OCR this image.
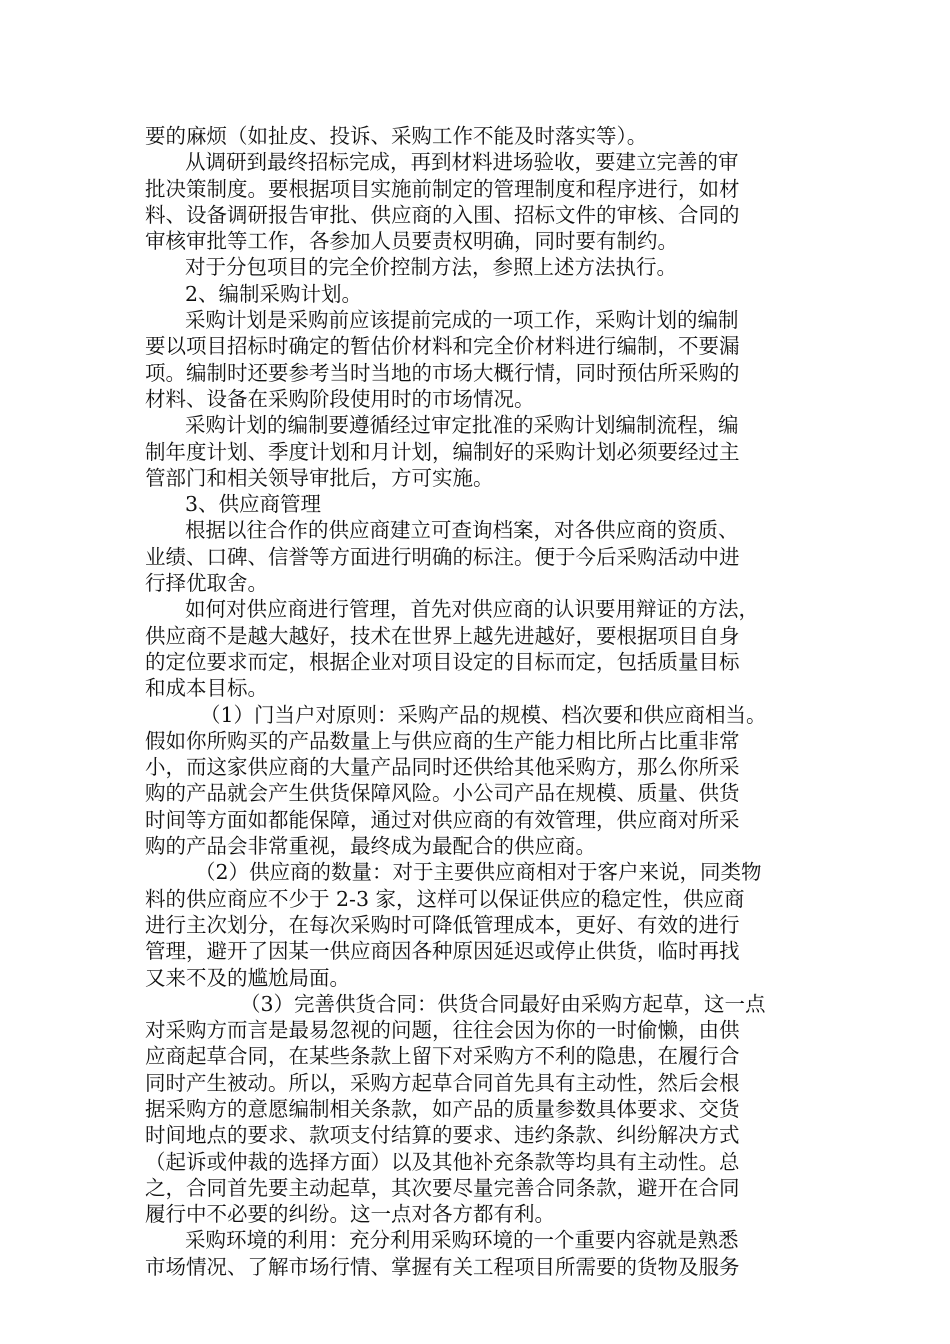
要的麻烦（如扯皮、投诉、采购工作不能及时落实等）。
从调研到最终招标完成，再到材料进场验收，要建立完善的审
批决策制度。要根据项目实施前制定的管理制度和程序进行，如材
料、设备调研报告审批、供应商的入围、招标文件的审核、合同的
审核审批等工作，各参加人员要责权明确，同时要有制约。
对于分包项目的完全价控制方法，参照上述方法执行。
2、编制采购计划。
采购计划是采购前应该提前完成的一项工作，采购计划的编制
要以项目招标时确定的暂估价材料和完全价材料进行编制，不要漏
项。编制时还要参考当时当地的市场大概行情，同时预估所采购的
材料、设备在采购阶段使用时的市场情况。
采购计划的编制要遵循经过审定批准的采购计划编制流程，编
制年度计划、季度计划和月计划，编制好的采购计划必须要经过主
管部门和相关领导审批后，方可实施。
3、供应商管理
根据以往合作的供应商建立可查询档案，对各供应商的资质、
业绩、口碑、信誉等方面进行明确的标注。便于今后采购活动中进
行择优取舍。
如何对供应商进行管理，首先对供应商的认识要用辩证的方法，
供应商不是越大越好，技术在世界上越先进越好，要根据项目自身
的定位要求而定，根据企业对项目设定的目标而定，包括质量目标
和成本目标。
（1）门当户对原则：采购产品的规模、档次要和供应商相当。
假如你所购买的产品数量上与供应商的生产能力相比所占比重非常
小，而这家供应商的大量产品同时还供给其他采购方，那么你所采
购的产品就会产生供货保障风险。小公司产品在规模、质量、供货
时间等方面如都能保障，通过对供应商的有效管理，供应商对所采
购的产品会非常重视，最终成为最配合的供应商。
（2）供应商的数量：对于主要供应商相对于客户来说，同类物
料的供应商应不少于 2-3 家，这样可以保证供应的稳定性，供应商
进行主次划分，在每次采购时可降低管理成本，更好、有效的进行
管理，避开了因某一供应商因各种原因延迟或停止供货，临时再找
又来不及的尴尬局面。
（3）完善供货合同：供货合同最好由采购方起草，这一点
对采购方而言是最易忽视的问题，往往会因为你的一时偷懒，由供
应商起草合同，在某些条款上留下对采购方不利的隐患，在履行合
同时产生被动。所以，采购方起草合同首先具有主动性，然后会根
据采购方的意愿编制相关条款，如产品的质量参数具体要求、交货
时间地点的要求、款项支付结算的要求、违约条款、纠纷解决方式
（起诉或仲裁的选择方面）以及其他补充条款等均具有主动性。总
之，合同首先要主动起草，其次要尽量完善合同条款，避开在合同
履行中不必要的纠纷。这一点对各方都有利。
采购环境的利用：充分利用采购环境的一个重要内容就是熟悉
市场情况、了解市场行情、掌握有关工程项目所需要的货物及服务
